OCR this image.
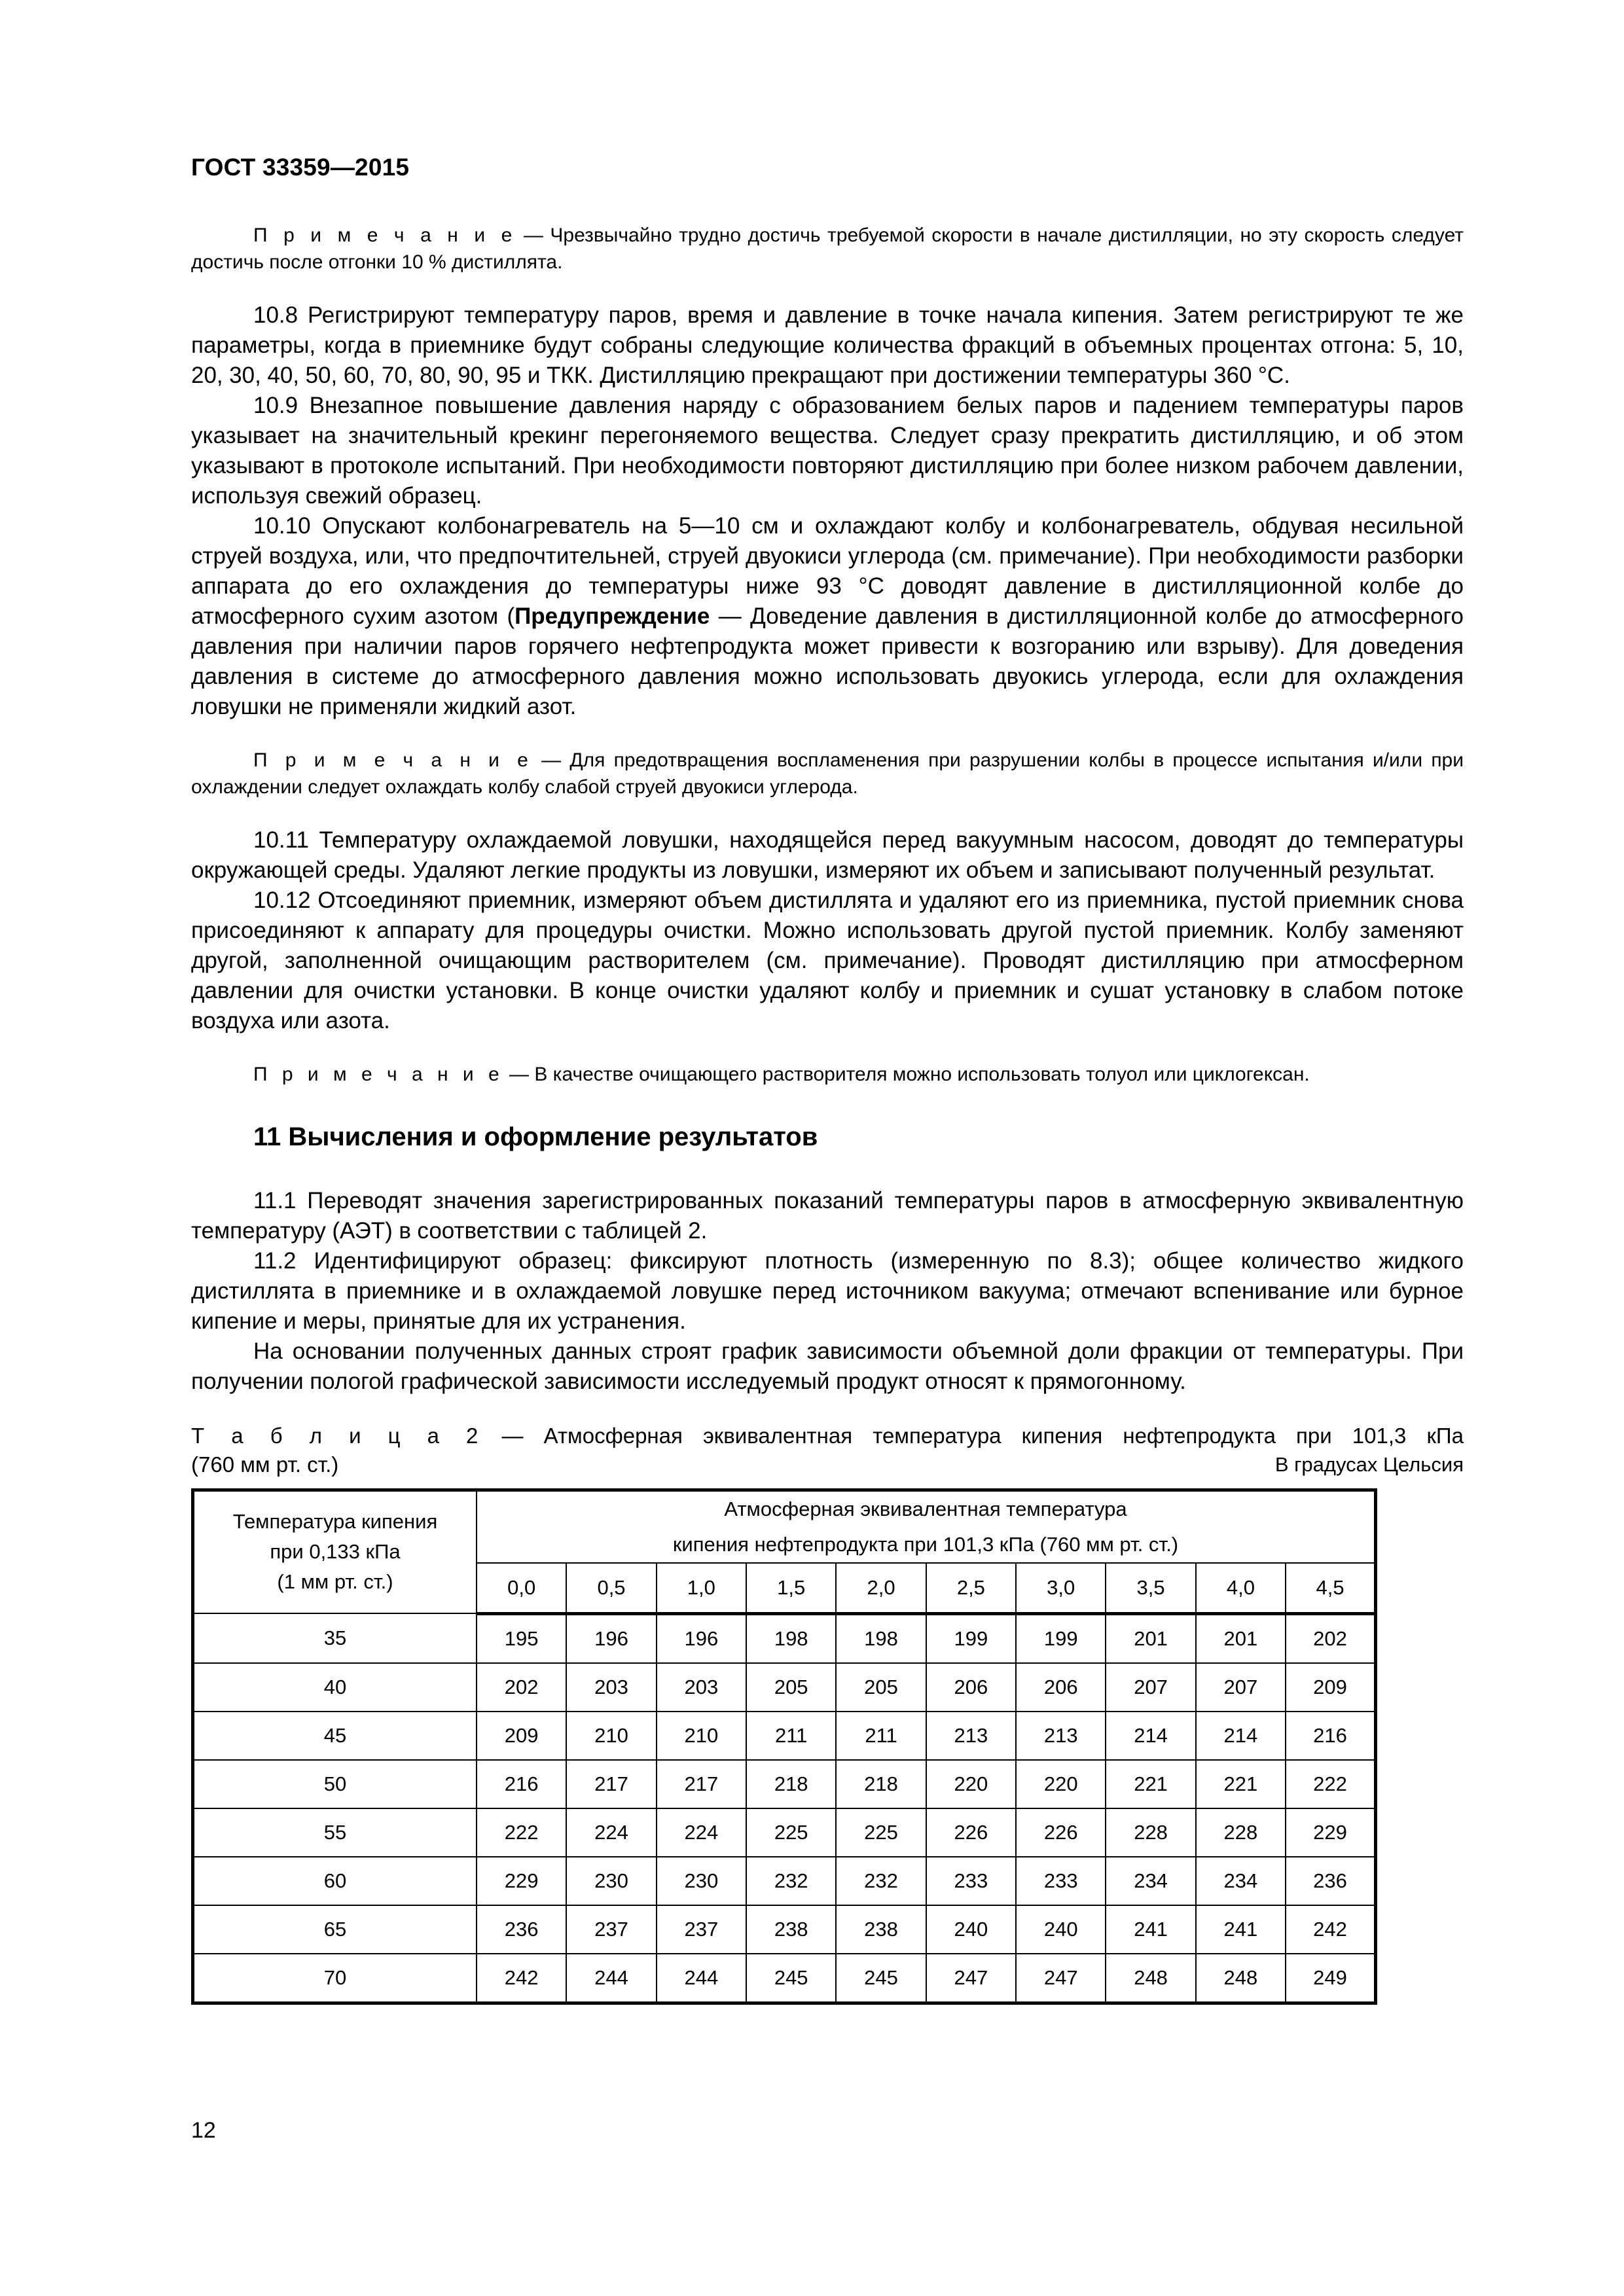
ГОСТ 33359—2015

П р и м е ч а н и е — Чрезвычайно трудно достичь требуемой скорости в начале дистилляции, но эту скорость следует достичь после отгонки 10 % дистиллята.

10.8 Регистрируют температуру паров, время и давление в точке начала кипения. Затем регистрируют те же параметры, когда в приемнике будут собраны следующие количества фракций в объемных процентах отгона: 5, 10, 20, 30, 40, 50, 60, 70, 80, 90, 95 и ТКК. Дистилляцию прекращают при достижении температуры 360 °С.

10.9 Внезапное повышение давления наряду с образованием белых паров и падением температуры паров указывает на значительный крекинг перегоняемого вещества. Следует сразу прекратить дистилляцию, и об этом указывают в протоколе испытаний. При необходимости повторяют дистилляцию при более низком рабочем давлении, используя свежий образец.

10.10 Опускают колбонагреватель на 5—10 см и охлаждают колбу и колбонагреватель, обдувая несильной струей воздуха, или, что предпочтительней, струей двуокиси углерода (см. примечание). При необходимости разборки аппарата до его охлаждения до температуры ниже 93 °С доводят давление в дистилляционной колбе до атмосферного сухим азотом (Предупреждение — Доведение давления в дистилляционной колбе до атмосферного давления при наличии паров горячего нефтепродукта может привести к возгоранию или взрыву). Для доведения давления в системе до атмосферного давления можно использовать двуокись углерода, если для охлаждения ловушки не применяли жидкий азот.

П р и м е ч а н и е — Для предотвращения воспламенения при разрушении колбы в процессе испытания и/или при охлаждении следует охлаждать колбу слабой струей двуокиси углерода.

10.11 Температуру охлаждаемой ловушки, находящейся перед вакуумным насосом, доводят до температуры окружающей среды. Удаляют легкие продукты из ловушки, измеряют их объем и записывают полученный результат.

10.12 Отсоединяют приемник, измеряют объем дистиллята и удаляют его из приемника, пустой приемник снова присоединяют к аппарату для процедуры очистки. Можно использовать другой пустой приемник. Колбу заменяют другой, заполненной очищающим растворителем (см. примечание). Проводят дистилляцию при атмосферном давлении для очистки установки. В конце очистки удаляют колбу и приемник и сушат установку в слабом потоке воздуха или азота.

П р и м е ч а н и е — В качестве очищающего растворителя можно использовать толуол или циклогексан.

11 Вычисления и оформление результатов

11.1 Переводят значения зарегистрированных показаний температуры паров в атмосферную эквивалентную температуру (АЭТ) в соответствии с таблицей 2.

11.2 Идентифицируют образец: фиксируют плотность (измеренную по 8.3); общее количество жидкого дистиллята в приемнике и в охлаждаемой ловушке перед источником вакуума; отмечают вспенивание или бурное кипение и меры, принятые для их устранения.

На основании полученных данных строят график зависимости объемной доли фракции от температуры. При получении пологой графической зависимости исследуемый продукт относят к прямогонному.

Т а б л и ц а 2 — Атмосферная эквивалентная температура кипения нефтепродукта при 101,3 кПа

(760 мм рт. ст.)	В градусах Цельсия
Температура кипения
при 0,133 кПа
(1 мм рт. ст.)

Атмосферная эквивалентная температура
кипения нефтепродукта при 101,3 кПа (760 мм рт. ст.)

	0,0	0,5	1,0	1,5	2,0	2,5	3,0	3,5	4,0	4,5
35	195	196	196	198	198	199	199	201	201	202
40	202	203	203	205	205	206	206	207	207	209
45	209	210	210	211	211	213	213	214	214	216
50	216	217	217	218	218	220	220	221	221	222
55	222	224	224	225	225	226	226	228	228	229
60	229	230	230	232	232	233	233	234	234	236
65	236	237	237	238	238	240	240	241	241	242
70	242	244	244	245	245	247	247	248	248	249
12
